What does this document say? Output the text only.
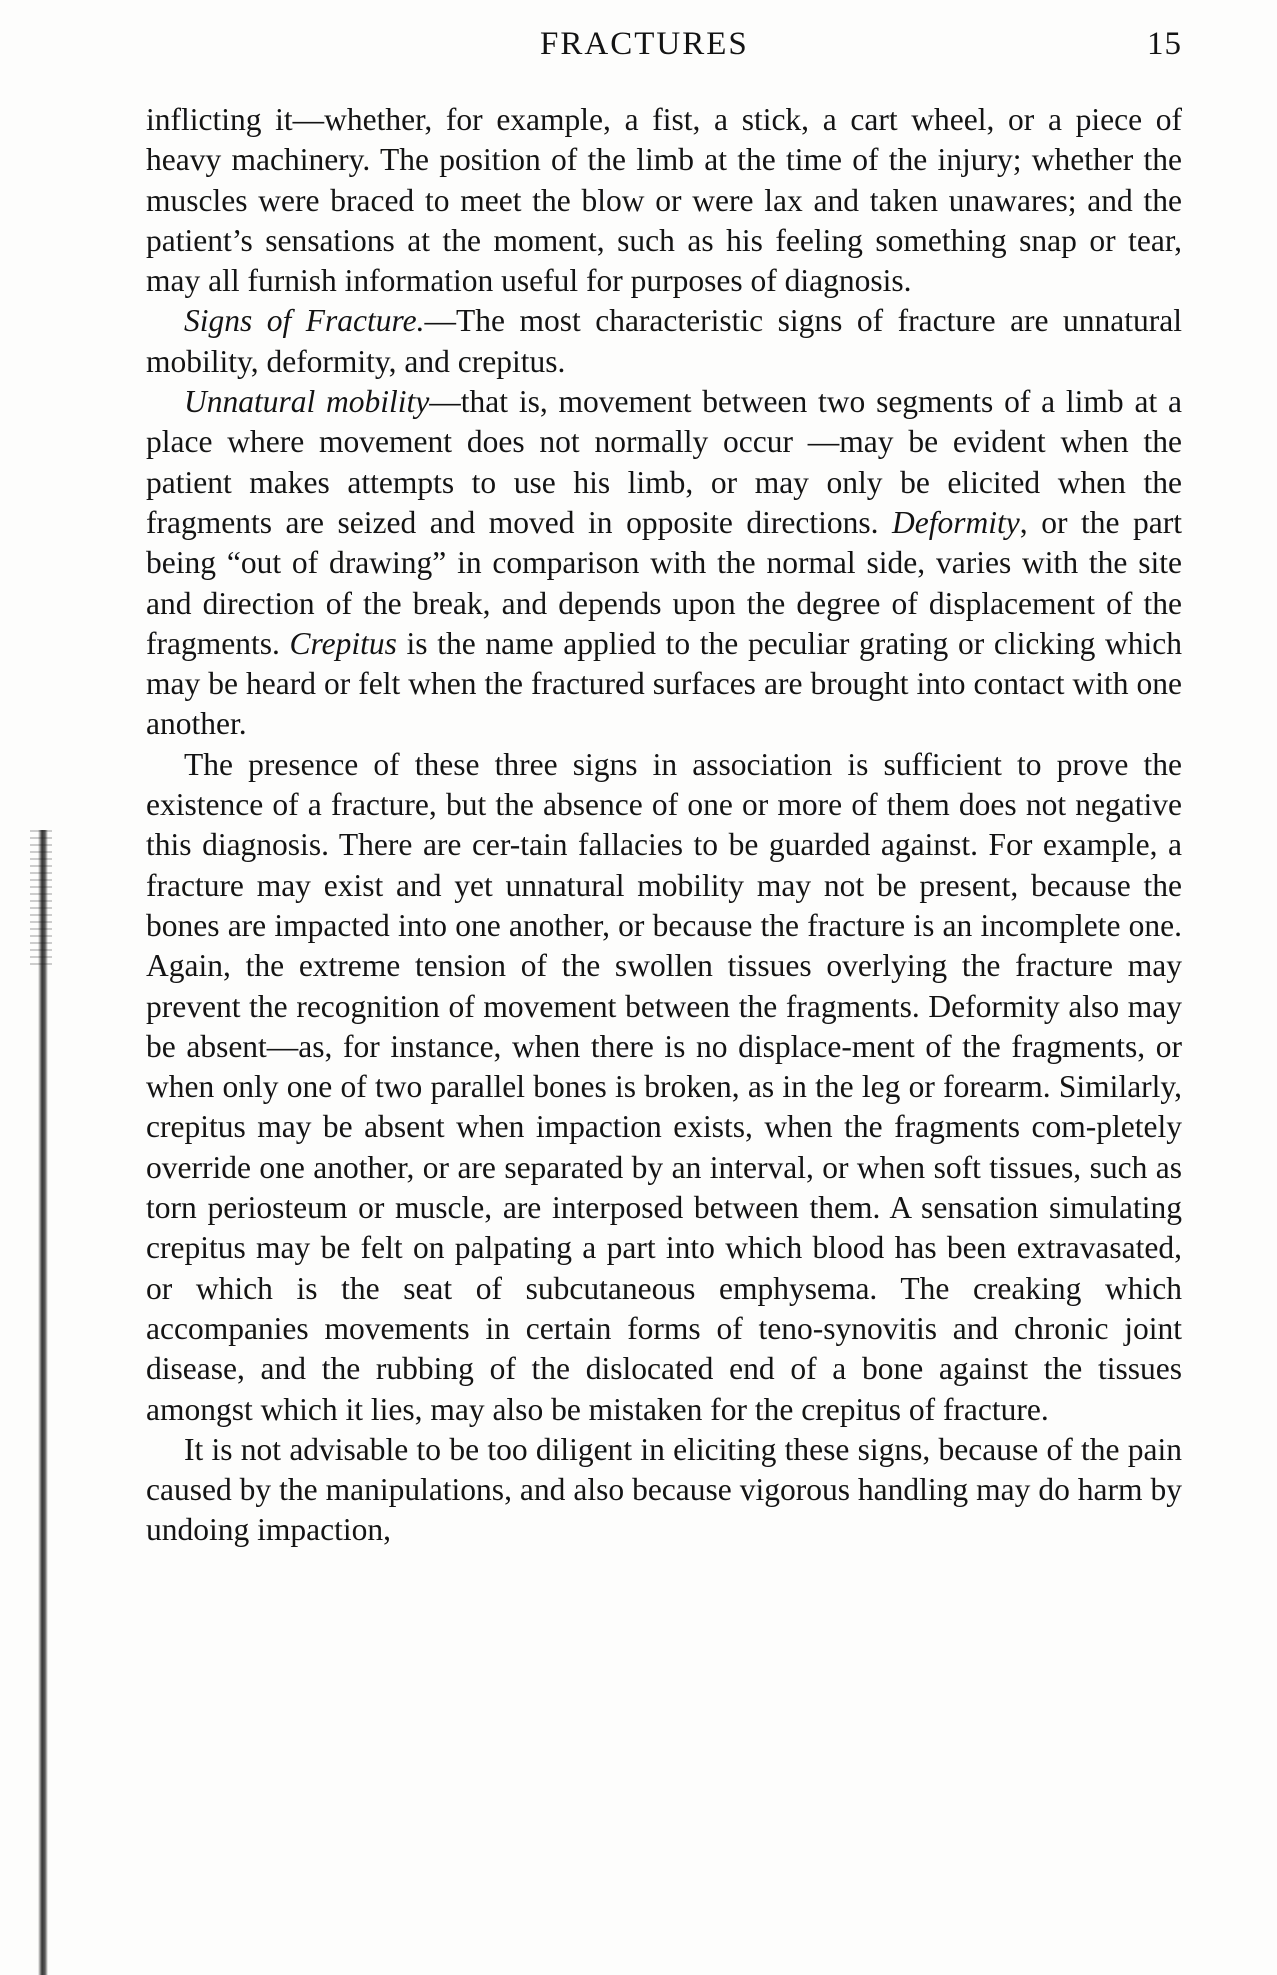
FRACTURES	15

inflicting it—whether, for example, a fist, a stick, a cart wheel, or a piece of heavy machinery. The position of the limb at the time of the injury; whether the muscles were braced to meet the blow or were lax and taken unawares; and the patient’s sensations at the moment, such as his feeling something snap or tear, may all furnish information useful for purposes of diagnosis.

Signs of Fracture.—The most characteristic signs of fracture are unnatural mobility, deformity, and crepitus.

Unnatural mobility—that is, movement between two segments of a limb at a place where movement does not normally occur —may be evident when the patient makes attempts to use his limb, or may only be elicited when the fragments are seized and moved in opposite directions. Deformity, or the part being “out of drawing” in comparison with the normal side, varies with the site and direction of the break, and depends upon the degree of displacement of the fragments. Crepitus is the name applied to the peculiar grating or clicking which may be heard or felt when the fractured surfaces are brought into contact with one another.

The presence of these three signs in association is sufficient to prove the existence of a fracture, but the absence of one or more of them does not negative this diagnosis. There are cer-tain fallacies to be guarded against. For example, a fracture may exist and yet unnatural mobility may not be present, because the bones are impacted into one another, or because the fracture is an incomplete one. Again, the extreme tension of the swollen tissues overlying the fracture may prevent the recognition of movement between the fragments. Deformity also may be absent—as, for instance, when there is no displace-ment of the fragments, or when only one of two parallel bones is broken, as in the leg or forearm. Similarly, crepitus may be absent when impaction exists, when the fragments com-pletely override one another, or are separated by an interval, or when soft tissues, such as torn periosteum or muscle, are interposed between them. A sensation simulating crepitus may be felt on palpating a part into which blood has been extravasated, or which is the seat of subcutaneous emphysema. The creaking which accompanies movements in certain forms of teno-synovitis and chronic joint disease, and the rubbing of the dislocated end of a bone against the tissues amongst which it lies, may also be mistaken for the crepitus of fracture.

It is not advisable to be too diligent in eliciting these signs, because of the pain caused by the manipulations, and also because vigorous handling may do harm by undoing impaction,
